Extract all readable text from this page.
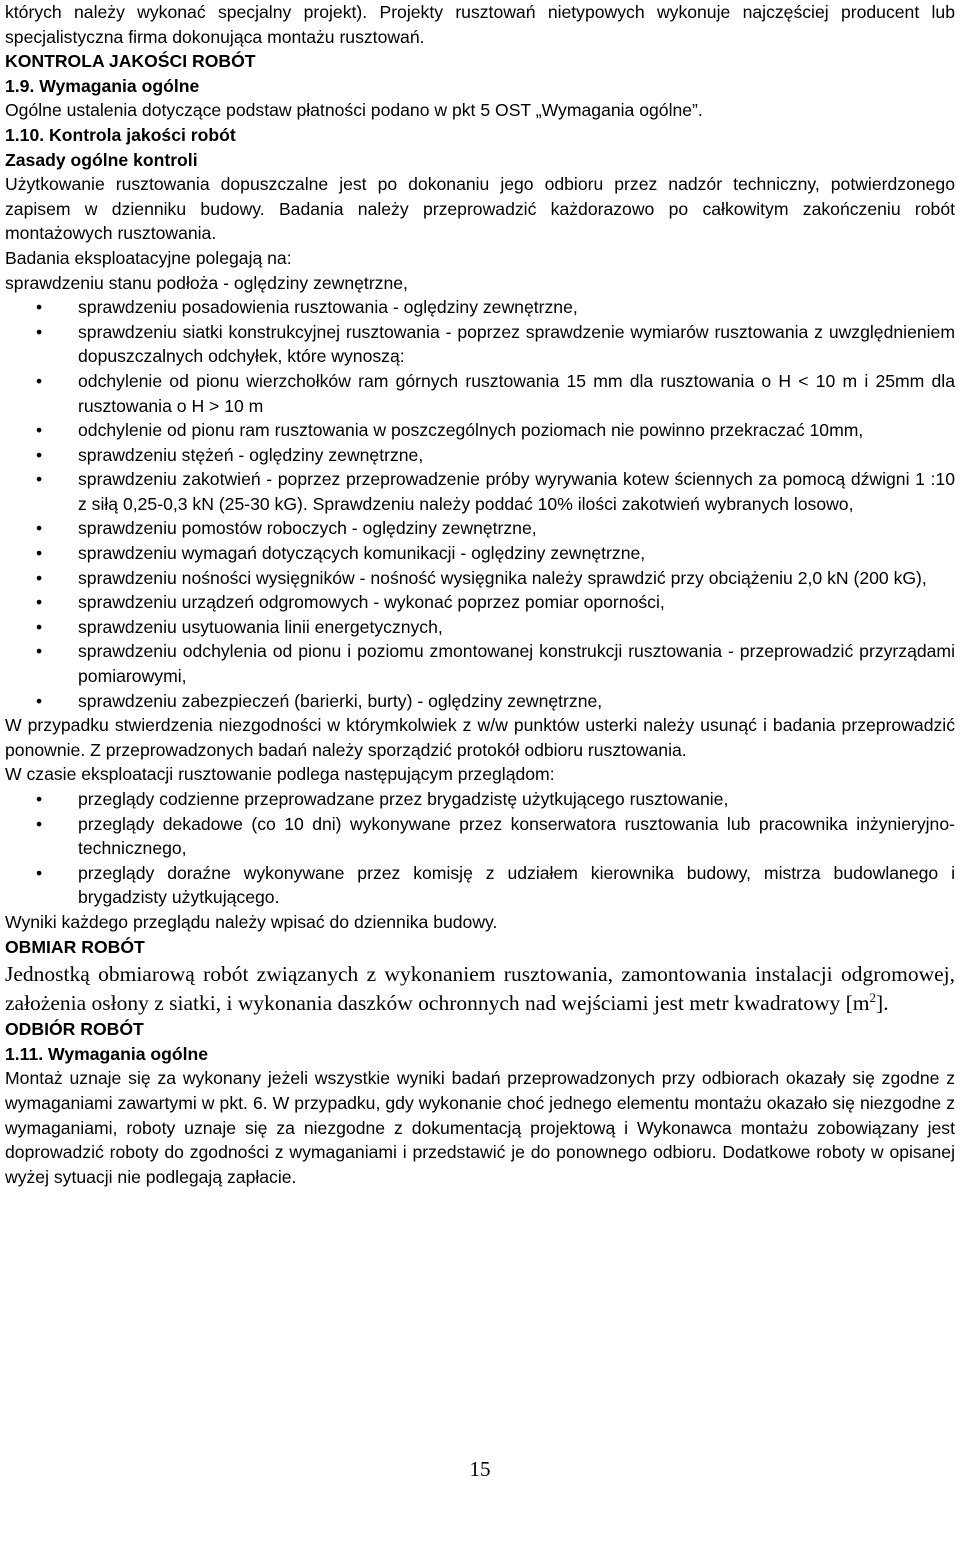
których należy wykonać specjalny projekt). Projekty rusztowań nietypowych wykonuje najczęściej producent lub specjalistyczna firma dokonująca montażu rusztowań.

KONTROLA JAKOŚCI ROBÓT

1.9. Wymagania ogólne

Ogólne ustalenia dotyczące podstaw płatności podano w pkt 5 OST „Wymagania ogólne”.

1.10. Kontrola jakości robót

Zasady ogólne kontroli

Użytkowanie rusztowania dopuszczalne jest po dokonaniu jego odbioru przez nadzór techniczny, potwierdzonego zapisem w dzienniku budowy. Badania należy przeprowadzić każdorazowo po całkowitym zakończeniu robót montażowych rusztowania.

Badania eksploatacyjne polegają na:

sprawdzeniu stanu podłoża - oględziny zewnętrzne,

• sprawdzeniu posadowienia rusztowania - oględziny zewnętrzne,
• sprawdzeniu siatki konstrukcyjnej rusztowania - poprzez sprawdzenie wymiarów rusztowania z uwzględnieniem dopuszczalnych odchyłek, które wynoszą:
• odchylenie od pionu wierzchołków ram górnych rusztowania 15 mm dla rusztowania o H < 10 m i 25mm dla rusztowania o H > 10 m
• odchylenie od pionu ram rusztowania w poszczególnych poziomach nie powinno przekraczać 10mm,
• sprawdzeniu stężeń - oględziny zewnętrzne,
• sprawdzeniu zakotwień - poprzez przeprowadzenie próby wyrywania kotew ściennych za pomocą dźwigni 1 :10 z siłą 0,25-0,3 kN (25-30 kG). Sprawdzeniu należy poddać 10% ilości zakotwień wybranych losowo,
• sprawdzeniu pomostów roboczych - oględziny zewnętrzne,
• sprawdzeniu wymagań dotyczących komunikacji - oględziny zewnętrzne,
• sprawdzeniu nośności wysięgników - nośność wysięgnika należy sprawdzić przy obciążeniu 2,0 kN (200 kG),
• sprawdzeniu urządzeń odgromowych - wykonać poprzez pomiar oporności,
• sprawdzeniu usytuowania linii energetycznych,
• sprawdzeniu odchylenia od pionu i poziomu zmontowanej konstrukcji rusztowania - przeprowadzić przyrządami pomiarowymi,
• sprawdzeniu zabezpieczeń (barierki, burty) - oględziny zewnętrzne,

W przypadku stwierdzenia niezgodności w którymkolwiek z w/w punktów usterki należy usunąć i badania przeprowadzić ponownie. Z przeprowadzonych badań należy sporządzić protokół odbioru rusztowania.

W czasie eksploatacji rusztowanie podlega następującym przeglądom:

• przeglądy codzienne przeprowadzane przez brygadzistę użytkującego rusztowanie,
• przeglądy dekadowe (co 10 dni) wykonywane przez konserwatora rusztowania lub pracownika inżynieryjno-technicznego,
• przeglądy doraźne wykonywane przez komisję z udziałem kierownika budowy, mistrza budowlanego i brygadzisty użytkującego.

Wyniki każdego przeglądu należy wpisać do dziennika budowy.

OBMIAR ROBÓT

Jednostką obmiarową robót związanych z wykonaniem rusztowania, zamontowania instalacji odgromowej, założenia osłony z siatki, i wykonania daszków ochronnych nad wejściami jest metr kwadratowy $[m^2]$.

ODBIÓR ROBÓT

1.11. Wymagania ogólne

Montaż uznaje się za wykonany jeżeli wszystkie wyniki badań przeprowadzonych przy odbiorach okazały się zgodne z wymaganiami zawartymi w pkt. 6. W przypadku, gdy wykonanie choć jednego elementu montażu okazało się niezgodne z wymaganiami, roboty uznaje się za niezgodne z dokumentacją projektową i Wykonawca montażu zobowiązany jest doprowadzić roboty do zgodności z wymaganiami i przedstawić je do ponownego odbioru. Dodatkowe roboty w opisanej wyżej sytuacji nie podlegają zapłacie.

15
